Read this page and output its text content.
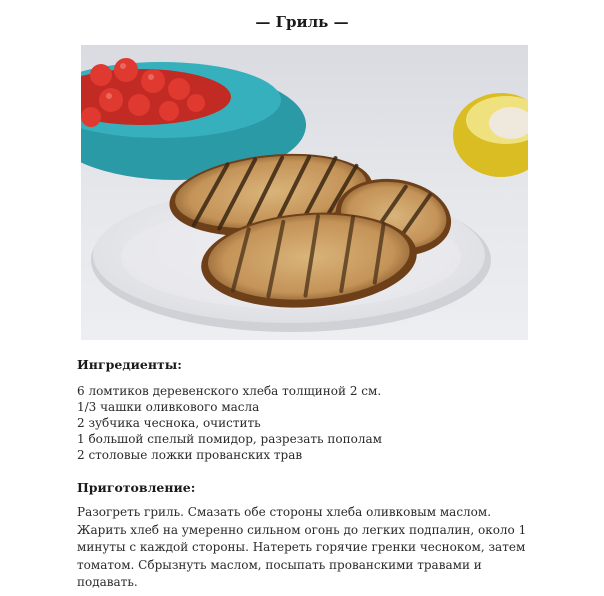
— Гриль —
Ингредиенты:
6 ломтиков деревенского хлеба толщиной 2 см.
1/3 чашки оливкового масла
2 зубчика чеснока, очистить
1 большой спелый помидор, разрезать пополам
2 столовые ложки прованских трав
Приготовление:

Разогреть гриль. Смазать обе стороны хлеба оливковым маслом. Жарить хлеб на умеренно сильном огонь до легких подпалин, около 1 минуты с каждой стороны. Натереть горячие гренки чесноком, затем томатом. Сбрызнуть маслом, посыпать прованскими травами и подавать.
